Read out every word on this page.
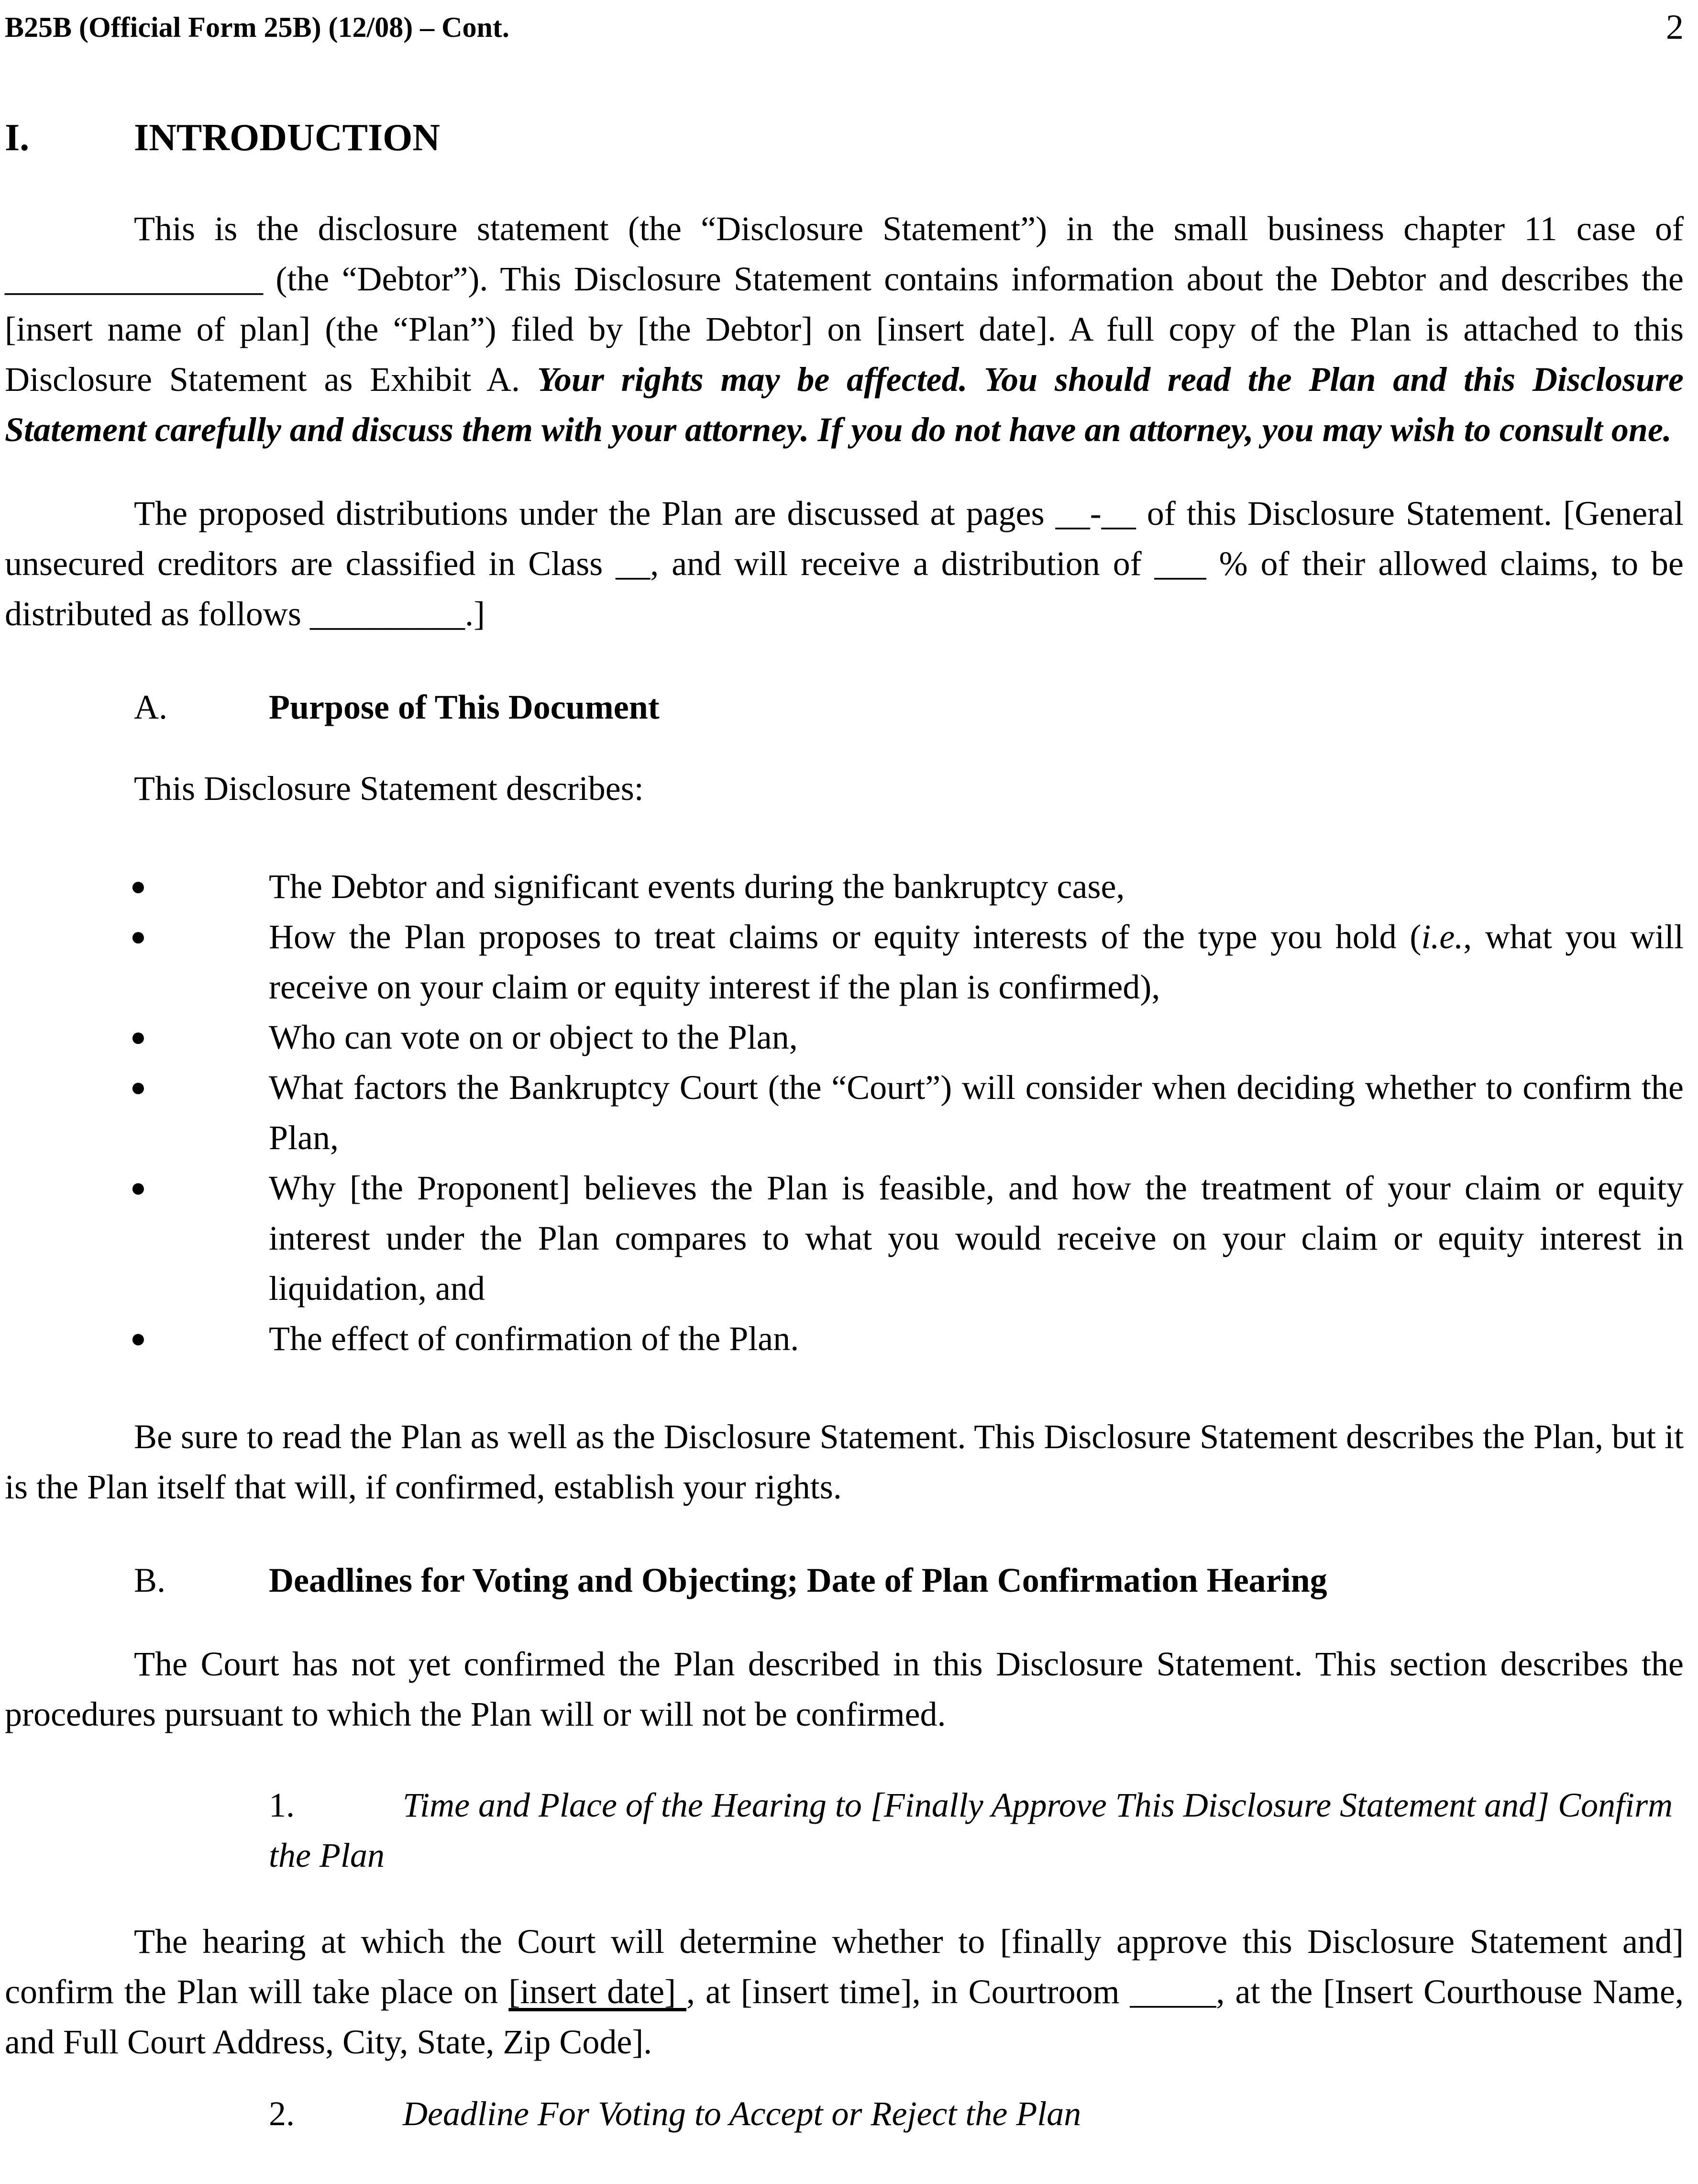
B25B (Official Form 25B) (12/08) – Cont.	2
I.	INTRODUCTION

This is the disclosure statement (the “Disclosure Statement”) in the small business chapter 11 case of _______________ (the “Debtor”). This Disclosure Statement contains information about the Debtor and describes the [insert name of plan] (the “Plan”) filed by [the Debtor] on [insert date]. A full copy of the Plan is attached to this Disclosure Statement as Exhibit A. Your rights may be affected. You should read the Plan and this Disclosure Statement carefully and discuss them with your attorney. If you do not have an attorney, you may wish to consult one.

The proposed distributions under the Plan are discussed at pages __-__ of this Disclosure Statement. [General unsecured creditors are classified in Class __, and will receive a distribution of ___ % of their allowed claims, to be distributed as follows _________.]

A.	Purpose of This Document

This Disclosure Statement describes:

●	The Debtor and significant events during the bankruptcy case,
●	How the Plan proposes to treat claims or equity interests of the type you hold (i.e., what you will receive on your claim or equity interest if the plan is confirmed),
●	Who can vote on or object to the Plan,
●	What factors the Bankruptcy Court (the “Court”) will consider when deciding whether to confirm the Plan,
●	Why [the Proponent] believes the Plan is feasible, and how the treatment of your claim or equity interest under the Plan compares to what you would receive on your claim or equity interest in liquidation, and
●	The effect of confirmation of the Plan.

Be sure to read the Plan as well as the Disclosure Statement. This Disclosure Statement describes the Plan, but it is the Plan itself that will, if confirmed, establish your rights.

B.	Deadlines for Voting and Objecting; Date of Plan Confirmation Hearing

The Court has not yet confirmed the Plan described in this Disclosure Statement. This section describes the procedures pursuant to which the Plan will or will not be confirmed.

1.	Time and Place of the Hearing to [Finally Approve This Disclosure Statement and] Confirm the Plan

The hearing at which the Court will determine whether to [finally approve this Disclosure Statement and] confirm the Plan will take place on [insert date] , at [insert time], in Courtroom _____, at the [Insert Courthouse Name, and Full Court Address, City, State, Zip Code].

2.	Deadline For Voting to Accept or Reject the Plan
